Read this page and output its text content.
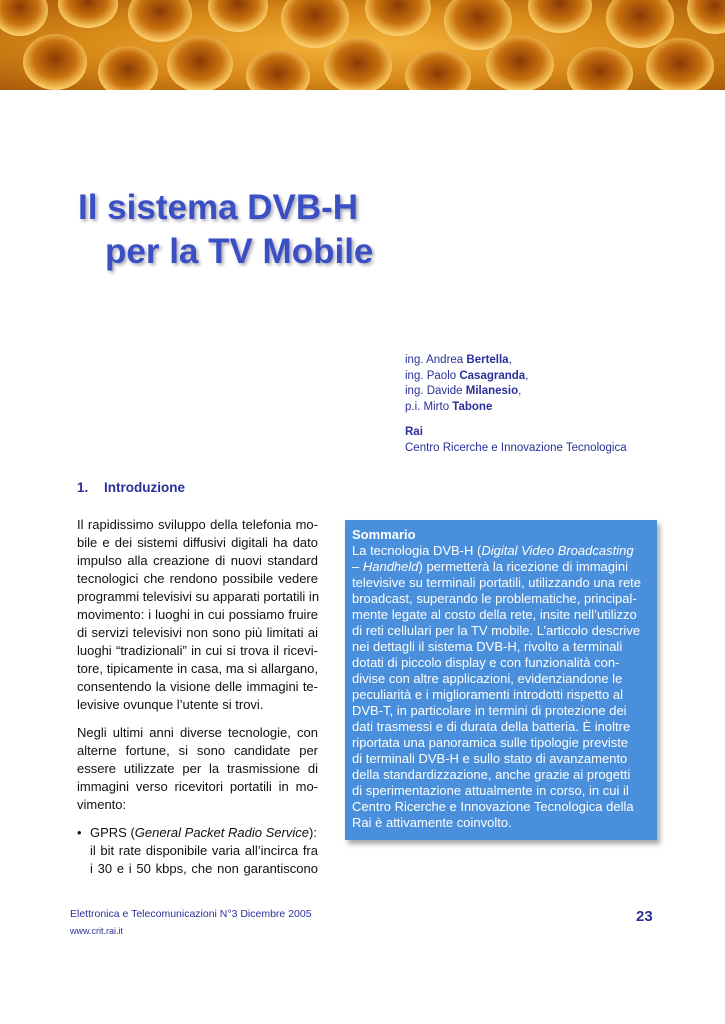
Il sistema DVB-H
per la TV Mobile
ing. Andrea Bertella,
ing. Paolo Casagranda,
ing. Davide Milanesio,
p.i. Mirto Tabone
Rai
Centro Ricerche e Innovazione Tecnologica
1. Introduzione
Il rapidissimo sviluppo della telefonia mo-
bile e dei sistemi diffusivi digitali ha dato
impulso alla creazione di nuovi standard
tecnologici che rendono possibile vedere
programmi televisivi su apparati portatili in
movimento: i luoghi in cui possiamo fruire
di servizi televisivi non sono più limitati ai
luoghi “tradizionali” in cui si trova il ricevi-
tore, tipicamente in casa, ma si allargano,
consentendo la visione delle immagini te-
levisive ovunque l’utente si trovi.
Negli ultimi anni diverse tecnologie, con
alterne fortune, si sono candidate per
essere utilizzate per la trasmissione di
immagini verso ricevitori portatili in mo-
vimento:
• GPRS (General Packet Radio Service):
il bit rate disponibile varia all’incirca fra
i 30 e i 50 kbps, che non garantiscono
Sommario
La tecnologia DVB-H (Digital Video Broadcasting
– Handheld) permetterà la ricezione di immagini
televisive su terminali portatili, utilizzando una rete
broadcast, superando le problematiche, principal-
mente legate al costo della rete, insite nell’utilizzo
di reti cellulari per la TV mobile. L’articolo descrive
nei dettagli il sistema DVB-H, rivolto a terminali
dotati di piccolo display e con funzionalità con-
divise con altre applicazioni, evidenziandone le
peculiarità e i miglioramenti introdotti rispetto al
DVB-T, in particolare in termini di protezione dei
dati trasmessi e di durata della batteria. È inoltre
riportata una panoramica sulle tipologie previste
di terminali DVB-H e sullo stato di avanzamento
della standardizzazione, anche grazie ai progetti
di sperimentazione attualmente in corso, in cui il
Centro Ricerche e Innovazione Tecnologica della
Rai è attivamente coinvolto.
Elettronica e Telecomunicazioni N°3 Dicembre 2005
www.crit.rai.it
23
